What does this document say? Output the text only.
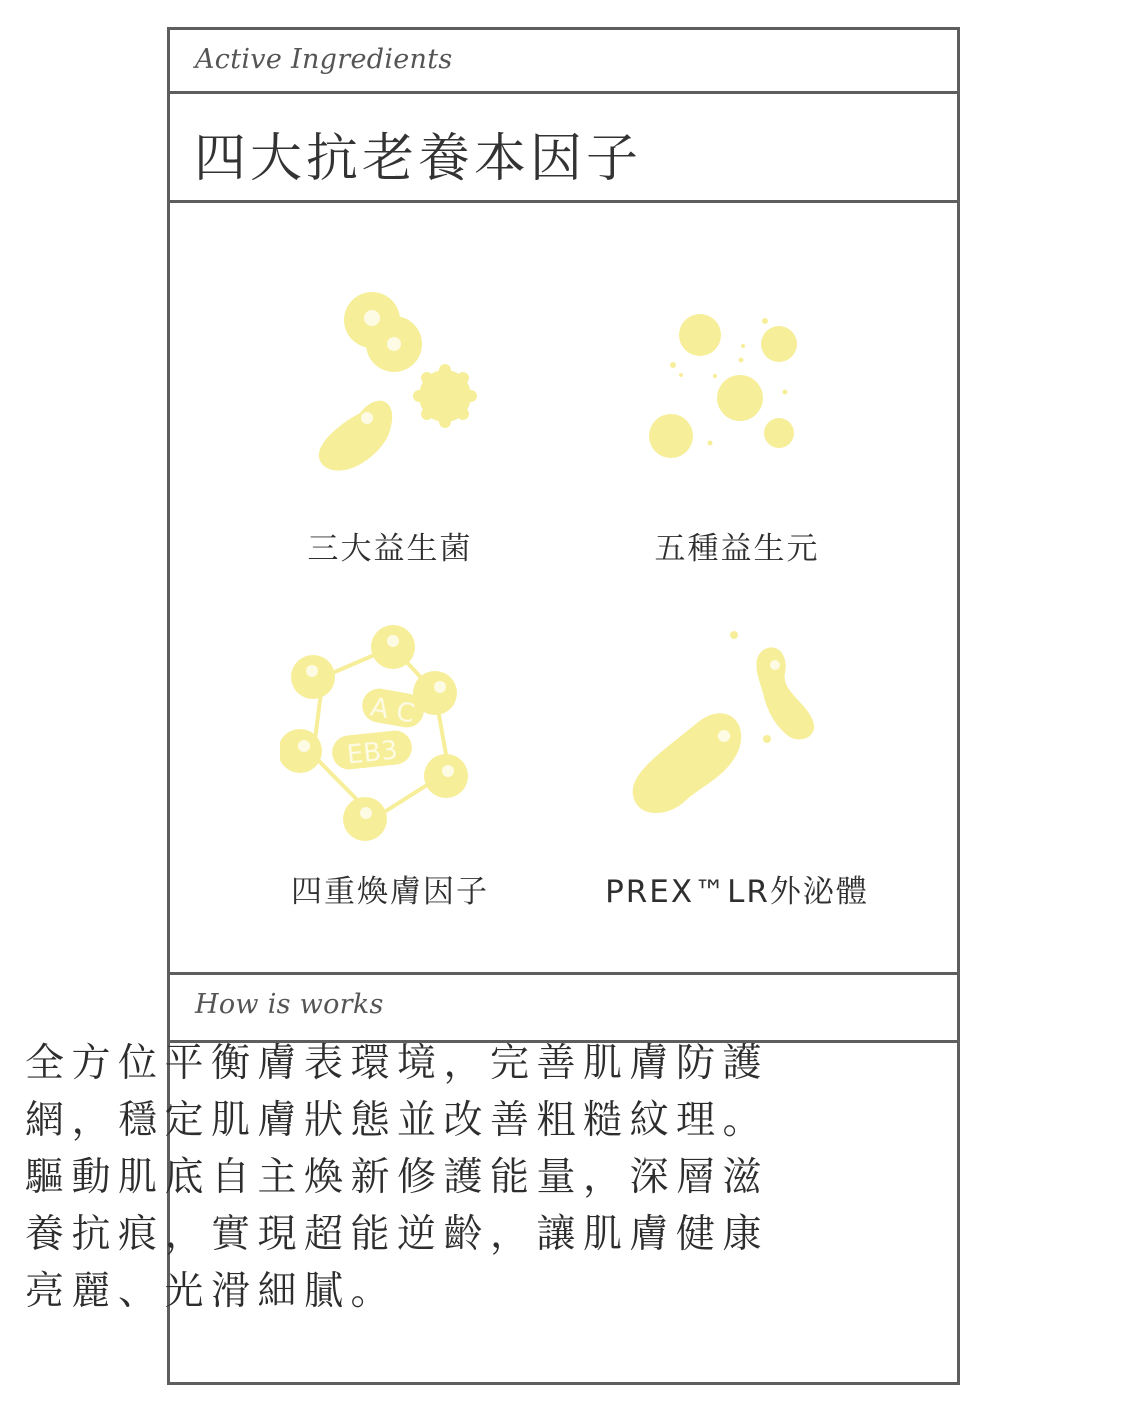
Active Ingredients
四大抗老養本因子
三大益生菌	五種益生元
A C
EB3
四重煥膚因子	PREX™LR外泌體
How is works
全方位平衡膚表環境，完善肌膚防護網，穩定肌膚狀態並改善粗糙紋理。驅動肌底自主煥新修護能量，深層滋養抗痕，實現超能逆齡，讓肌膚健康亮麗、光滑細膩。
